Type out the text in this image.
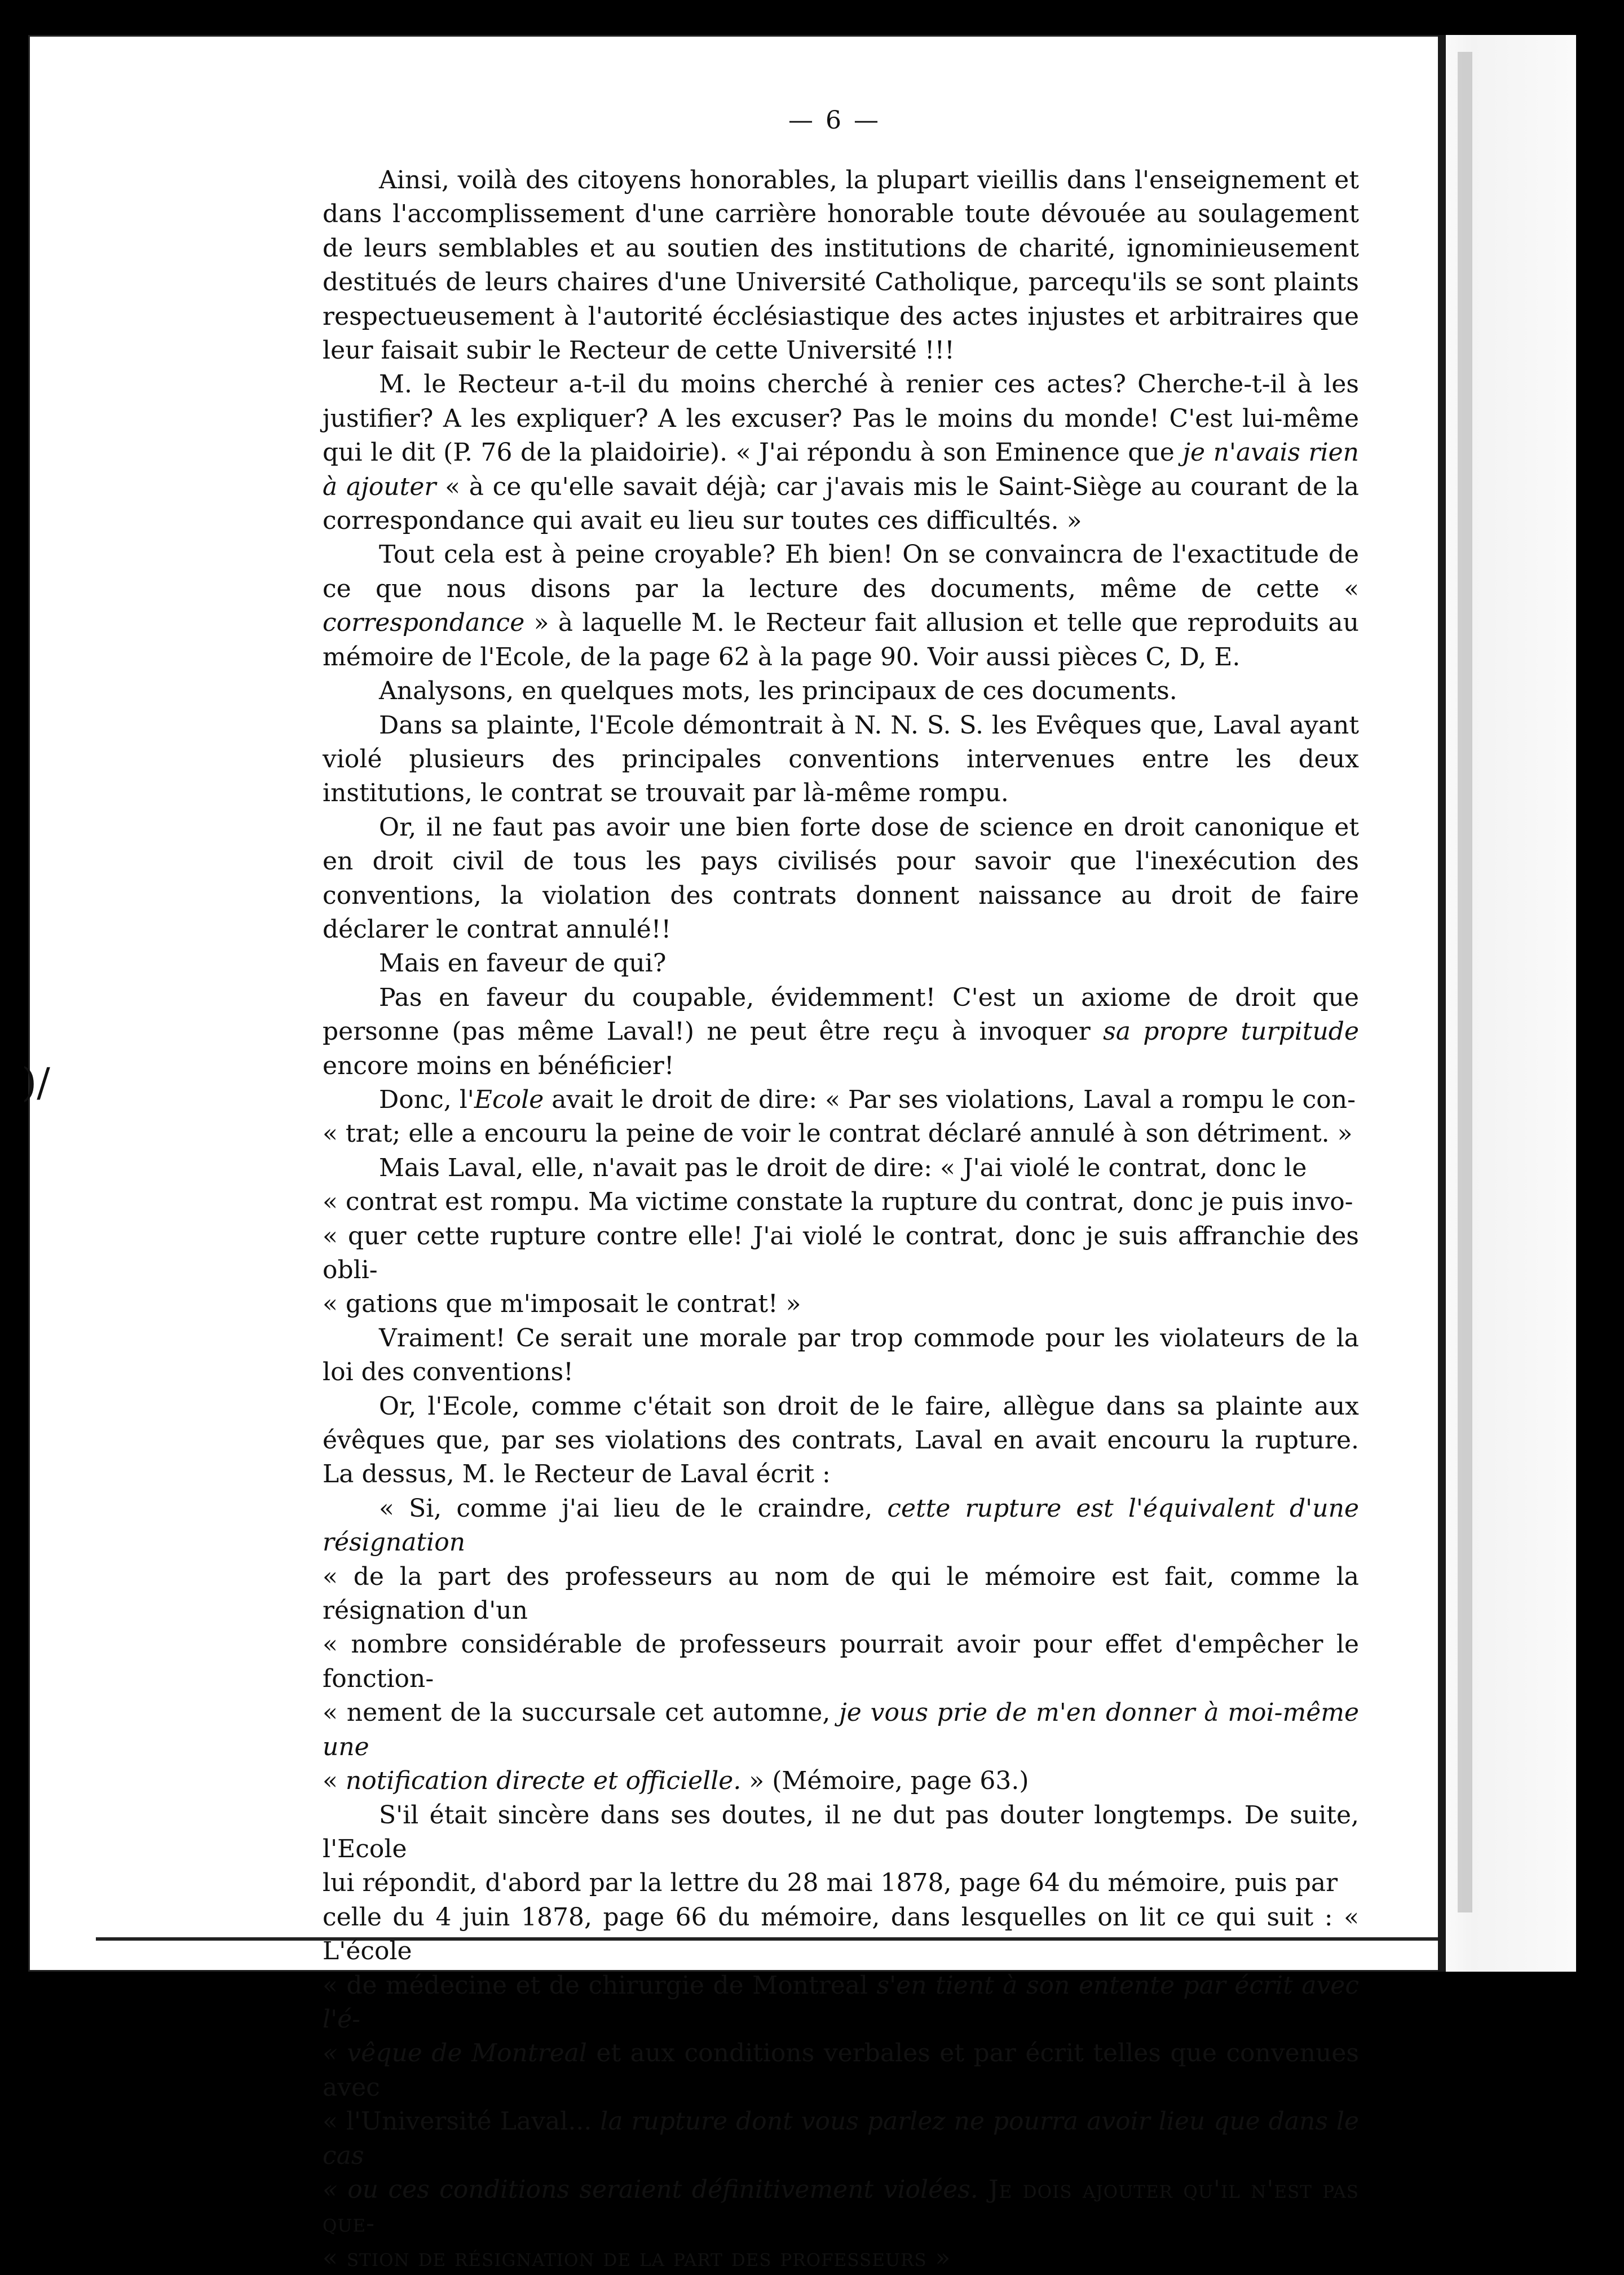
)/
— 6 —

Ainsi, voilà des citoyens honorables, la plupart vieillis dans l'enseignement et dans l'accomplissement d'une carrière honorable toute dévouée au soulagement de leurs semblables et au soutien des institutions de charité, ignominieusement destitués de leurs chaires d'une Université Catholique, parcequ'ils se sont plaints respectueusement à l'autorité écclésiastique des actes injustes et arbitraires que leur faisait subir le Recteur de cette Université !!!

M. le Recteur a-t-il du moins cherché à renier ces actes? Cherche-t-il à les justifier? A les expliquer? A les excuser? Pas le moins du monde! C'est lui-même qui le dit (P. 76 de la plaidoirie). « J'ai répondu à son Eminence que je n'avais rien à ajouter « à ce qu'elle savait déjà; car j'avais mis le Saint-Siège au courant de la correspondance qui avait eu lieu sur toutes ces difficultés. »

Tout cela est à peine croyable? Eh bien! On se convaincra de l'exactitude de ce que nous disons par la lecture des documents, même de cette « correspondance » à laquelle M. le Recteur fait allusion et telle que reproduits au mémoire de l'Ecole, de la page 62 à la page 90. Voir aussi pièces C, D, E.

Analysons, en quelques mots, les principaux de ces documents.

Dans sa plainte, l'Ecole démontrait à N. N. S. S. les Evêques que, Laval ayant violé plusieurs des principales conventions intervenues entre les deux institutions, le contrat se trouvait par là-même rompu.

Or, il ne faut pas avoir une bien forte dose de science en droit canonique et en droit civil de tous les pays civilisés pour savoir que l'inexécution des conventions, la violation des contrats donnent naissance au droit de faire déclarer le contrat annulé!!

Mais en faveur de qui?

Pas en faveur du coupable, évidemment! C'est un axiome de droit que personne (pas même Laval!) ne peut être reçu à invoquer sa propre turpitude encore moins en bénéficier!

Donc, l'Ecole avait le droit de dire: « Par ses violations, Laval a rompu le con-

« trat; elle a encouru la peine de voir le contrat déclaré annulé à son détriment. »

Mais Laval, elle, n'avait pas le droit de dire: « J'ai violé le contrat, donc le

« contrat est rompu. Ma victime constate la rupture du contrat, donc je puis invo-

« quer cette rupture contre elle! J'ai violé le contrat, donc je suis affranchie des obli-

« gations que m'imposait le contrat! »

Vraiment! Ce serait une morale par trop commode pour les violateurs de la loi des conventions!

Or, l'Ecole, comme c'était son droit de le faire, allègue dans sa plainte aux évêques que, par ses violations des contrats, Laval en avait encouru la rupture. La dessus, M. le Recteur de Laval écrit :

« Si, comme j'ai lieu de le craindre, cette rupture est l'équivalent d'une résignation

« de la part des professeurs au nom de qui le mémoire est fait, comme la résignation d'un

« nombre considérable de professeurs pourrait avoir pour effet d'empêcher le fonction-

« nement de la succursale cet automne, je vous prie de m'en donner à moi-même une

« notification directe et officielle. » (Mémoire, page 63.)

S'il était sincère dans ses doutes, il ne dut pas douter longtemps. De suite, l'Ecole

lui répondit, d'abord par la lettre du 28 mai 1878, page 64 du mémoire, puis par

celle du 4 juin 1878, page 66 du mémoire, dans lesquelles on lit ce qui suit : « L'école

« de médecine et de chirurgie de Montreal s'en tient à son entente par écrit avec l'é-

« vêque de Montreal et aux conditions verbales et par écrit telles que convenues avec

« l'Université Laval... la rupture dont vous parlez ne pourra avoir lieu que dans le cas

« ou ces conditions seraient définitivement violées. Je dois ajouter qu'il n'est pas que-

« stion de résignation de la part des professeurs »
